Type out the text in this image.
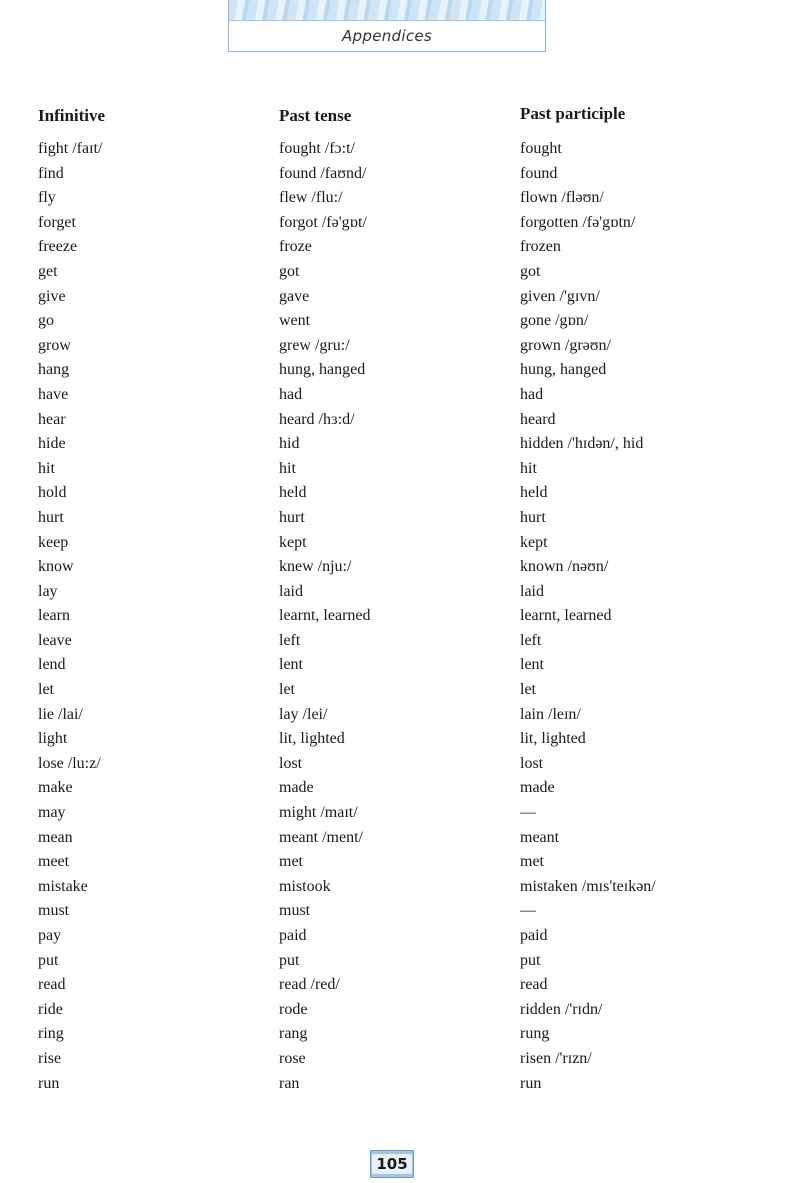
Appendices
Infinitive	Past tense	Past participle
fight /faɪt/	fought /fɔ:t/	fought
find	found /faʊnd/	found
fly	flew /flu:/	flown /fləʊn/
forget	forgot /fə'gɒt/	forgotten /fə'gɒtn/
freeze	froze	frozen
get	got	got
give	gave	given /'gɪvn/
go	went	gone /gɒn/
grow	grew /gru:/	grown /grəʊn/
hang	hung, hanged	hung, hanged
have	had	had
hear	heard /hɜ:d/	heard
hide	hid	hidden /'hɪdən/, hid
hit	hit	hit
hold	held	held
hurt	hurt	hurt
keep	kept	kept
know	knew /nju:/	known /nəʊn/
lay	laid	laid
learn	learnt, learned	learnt, learned
leave	left	left
lend	lent	lent
let	let	let
lie /lai/	lay /lei/	lain /leɪn/
light	lit, lighted	lit, lighted
lose /lu:z/	lost	lost
make	made	made
may	might /maɪt/	—
mean	meant /ment/	meant
meet	met	met
mistake	mistook	mistaken /mɪs'teɪkən/
must	must	—
pay	paid	paid
put	put	put
read	read /red/	read
ride	rode	ridden /'rɪdn/
ring	rang	rung
rise	rose	risen /'rɪzn/
run	ran	run
105
